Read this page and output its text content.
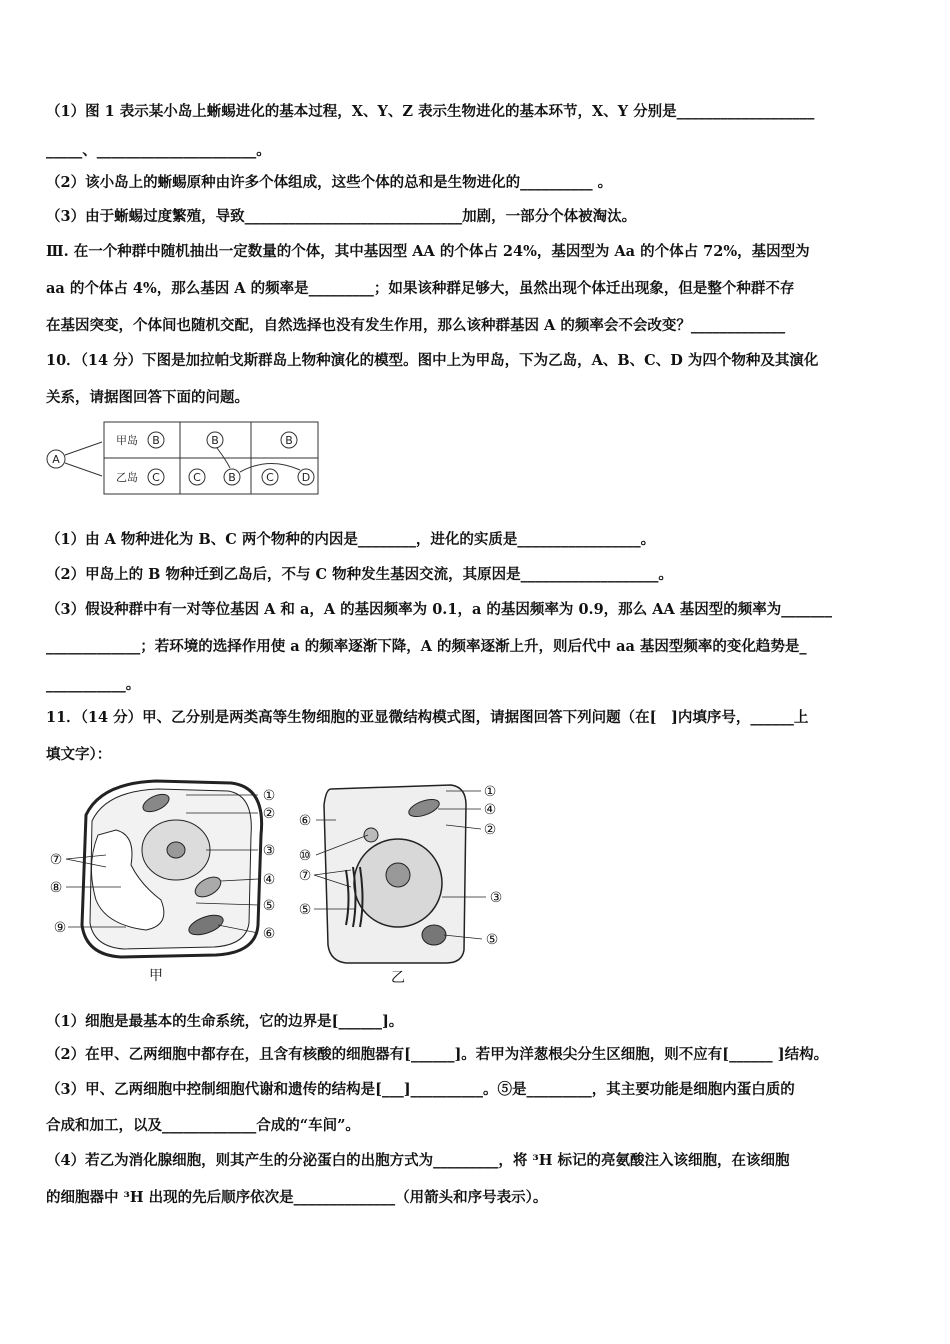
（1）图 1 表示某小岛上蜥蜴进化的基本过程，X、Y、Z 表示生物进化的基本环节，X、Y 分别是___________________
_____、______________________。
（2）该小岛上的蜥蜴原种由许多个体组成，这些个体的总和是生物进化的__________ 。
（3）由于蜥蜴过度繁殖，导致______________________________加剧，一部分个体被淘汰。
Ⅲ. 在一个种群中随机抽出一定数量的个体，其中基因型 AA 的个体占 24%，基因型为 Aa 的个体占 72%，基因型为
aa 的个体占 4%，那么基因 A 的频率是_________；如果该种群足够大，虽然出现个体迁出现象，但是整个种群不存
在基因突变，个体间也随机交配，自然选择也没有发生作用，那么该种群基因 A 的频率会不会改变？_____________
10．（14 分）下图是加拉帕戈斯群岛上物种演化的模型。图中上为甲岛，下为乙岛，A、B、C、D 为四个物种及其演化
关系，请据图回答下面的问题。
A
甲岛
乙岛
B	B	B
C	C B	C	D
（1）由 A 物种进化为 B、C 两个物种的内因是________，进化的实质是_________________。
（2）甲岛上的 B 物种迁到乙岛后，不与 C 物种发生基因交流，其原因是___________________。
（3）假设种群中有一对等位基因 A 和 a，A 的基因频率为 0.1，a 的基因频率为 0.9，那么 AA 基因型的频率为_______
_____________；若环境的选择作用使 a 的频率逐渐下降，A 的频率逐渐上升，则后代中 aa 基因型频率的变化趋势是_
___________。
11．（14 分）甲、乙分别是两类高等生物细胞的亚显微结构模式图，请据图回答下列问题（在[　]内填序号，______上
填文字）：
①
②
③
④
⑤
⑥
⑦
⑧
⑨
甲
①
④
②
③
⑤
⑥
⑩
⑦
⑤
乙
（1）细胞是最基本的生命系统，它的边界是[______]。
（2）在甲、乙两细胞中都存在，且含有核酸的细胞器有[______]。若甲为洋葱根尖分生区细胞，则不应有[______ ]结构。
（3）甲、乙两细胞中控制细胞代谢和遗传的结构是[___]__________。⑤是_________，其主要功能是细胞内蛋白质的
合成和加工，以及_____________合成的“车间”。
（4）若乙为消化腺细胞，则其产生的分泌蛋白的出胞方式为_________，将 ³H 标记的亮氨酸注入该细胞，在该细胞
的细胞器中 ³H 出现的先后顺序依次是______________（用箭头和序号表示）。
